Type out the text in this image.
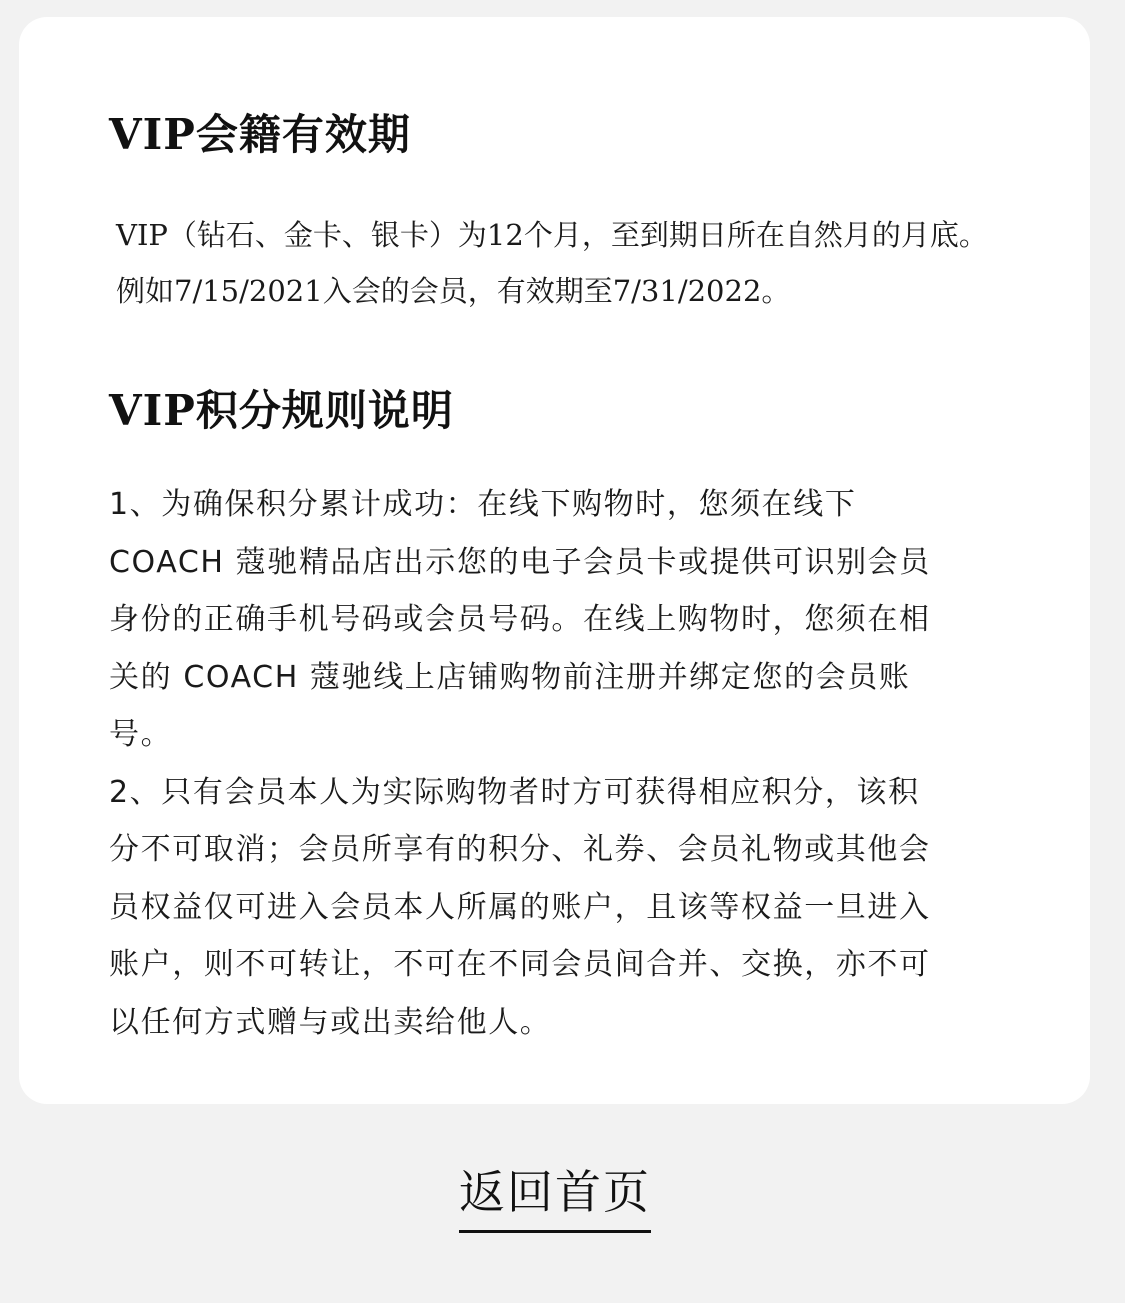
VIP会籍有效期

VIP（钻石、金卡、银卡）为12个月，至到期日所在自然月的月底。

例如7/15/2021入会的会员，有效期至7/31/2022。

VIP积分规则说明

1、为确保积分累计成功：在线下购物时，您须在线下

COACH 蔻驰精品店出示您的电子会员卡或提供可识别会员

身份的正确手机号码或会员号码。在线上购物时，您须在相

关的 COACH 蔻驰线上店铺购物前注册并绑定您的会员账

号。

2、只有会员本人为实际购物者时方可获得相应积分，该积

分不可取消；会员所享有的积分、礼券、会员礼物或其他会

员权益仅可进入会员本人所属的账户，且该等权益一旦进入

账户，则不可转让，不可在不同会员间合并、交换，亦不可

以任何方式赠与或出卖给他人。

返回首页
